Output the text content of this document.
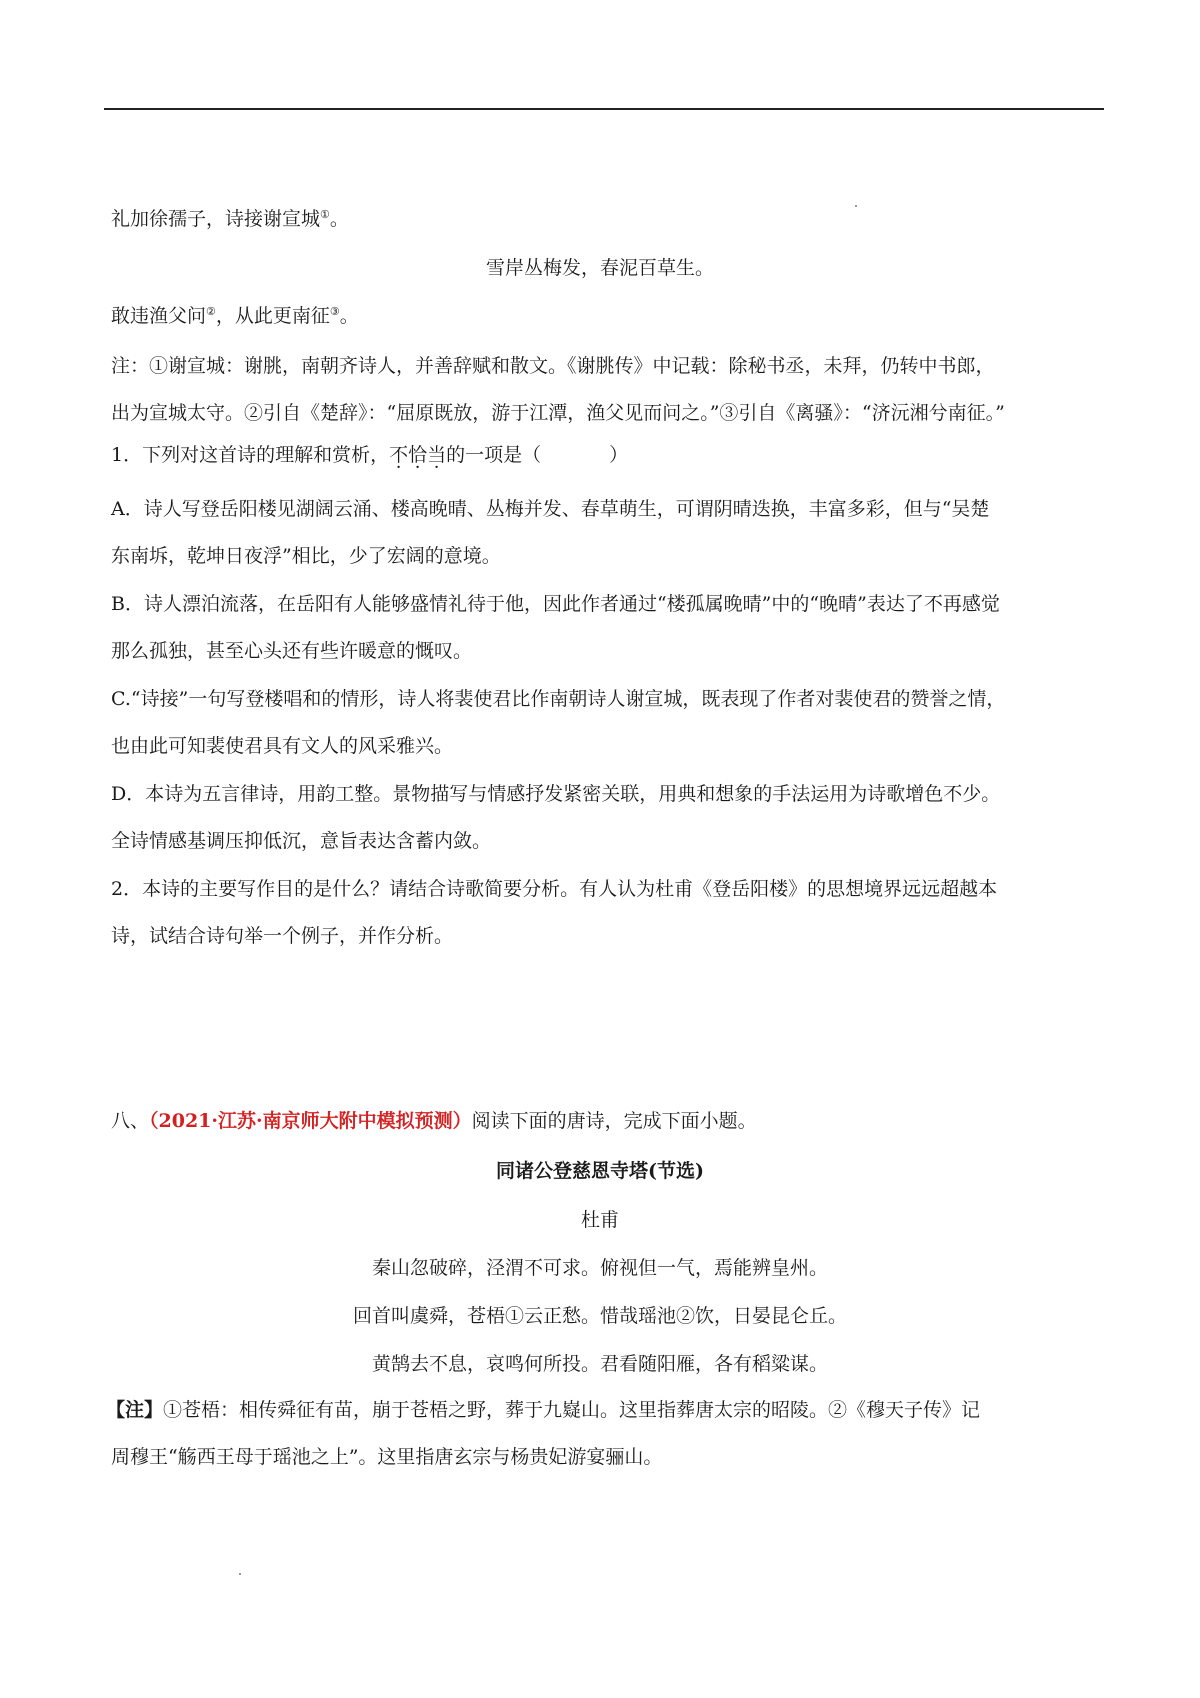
礼加徐孺子，诗接谢宣城①。
雪岸丛梅发，春泥百草生。
敢违渔父问②，从此更南征③。
注：①谢宣城：谢朓，南朝齐诗人，并善辞赋和散文。《谢朓传》中记载：除秘书丞，未拜，仍转中书郎，
出为宣城太守。②引自《楚辞》：“屈原既放，游于江潭，渔父见而问之。”③引自《离骚》：“济沅湘兮南征。”
1．下列对这首诗的理解和赏析，不恰当的一项是（	）
A．诗人写登岳阳楼见湖阔云涌、楼高晚晴、丛梅并发、春草萌生，可谓阴晴迭换，丰富多彩，但与“吴楚
东南坼，乾坤日夜浮”相比，少了宏阔的意境。
B．诗人漂泊流落，在岳阳有人能够盛情礼待于他，因此作者通过“楼孤属晚晴”中的“晚晴”表达了不再感觉
那么孤独，甚至心头还有些许暖意的慨叹。
C.“诗接”一句写登楼唱和的情形，诗人将裴使君比作南朝诗人谢宣城，既表现了作者对裴使君的赞誉之情，
也由此可知裴使君具有文人的风采雅兴。
D．本诗为五言律诗，用韵工整。景物描写与情感抒发紧密关联，用典和想象的手法运用为诗歌增色不少。
全诗情感基调压抑低沉，意旨表达含蓄内敛。
2．本诗的主要写作目的是什么？请结合诗歌简要分析。有人认为杜甫《登岳阳楼》的思想境界远远超越本
诗，试结合诗句举一个例子，并作分析。
八、（2021·江苏·南京师大附中模拟预测）阅读下面的唐诗，完成下面小题。
同诸公登慈恩寺塔(节选)
杜甫
秦山忽破碎，泾渭不可求。俯视但一气，焉能辨皇州。
回首叫虞舜，苍梧①云正愁。惜哉瑶池②饮，日晏昆仑丘。
黄鹄去不息，哀鸣何所投。君看随阳雁，各有稻粱谋。
【注】①苍梧：相传舜征有苗，崩于苍梧之野，葬于九嶷山。这里指葬唐太宗的昭陵。②《穆天子传》记
周穆王“觞西王母于瑶池之上”。这里指唐玄宗与杨贵妃游宴骊山。
